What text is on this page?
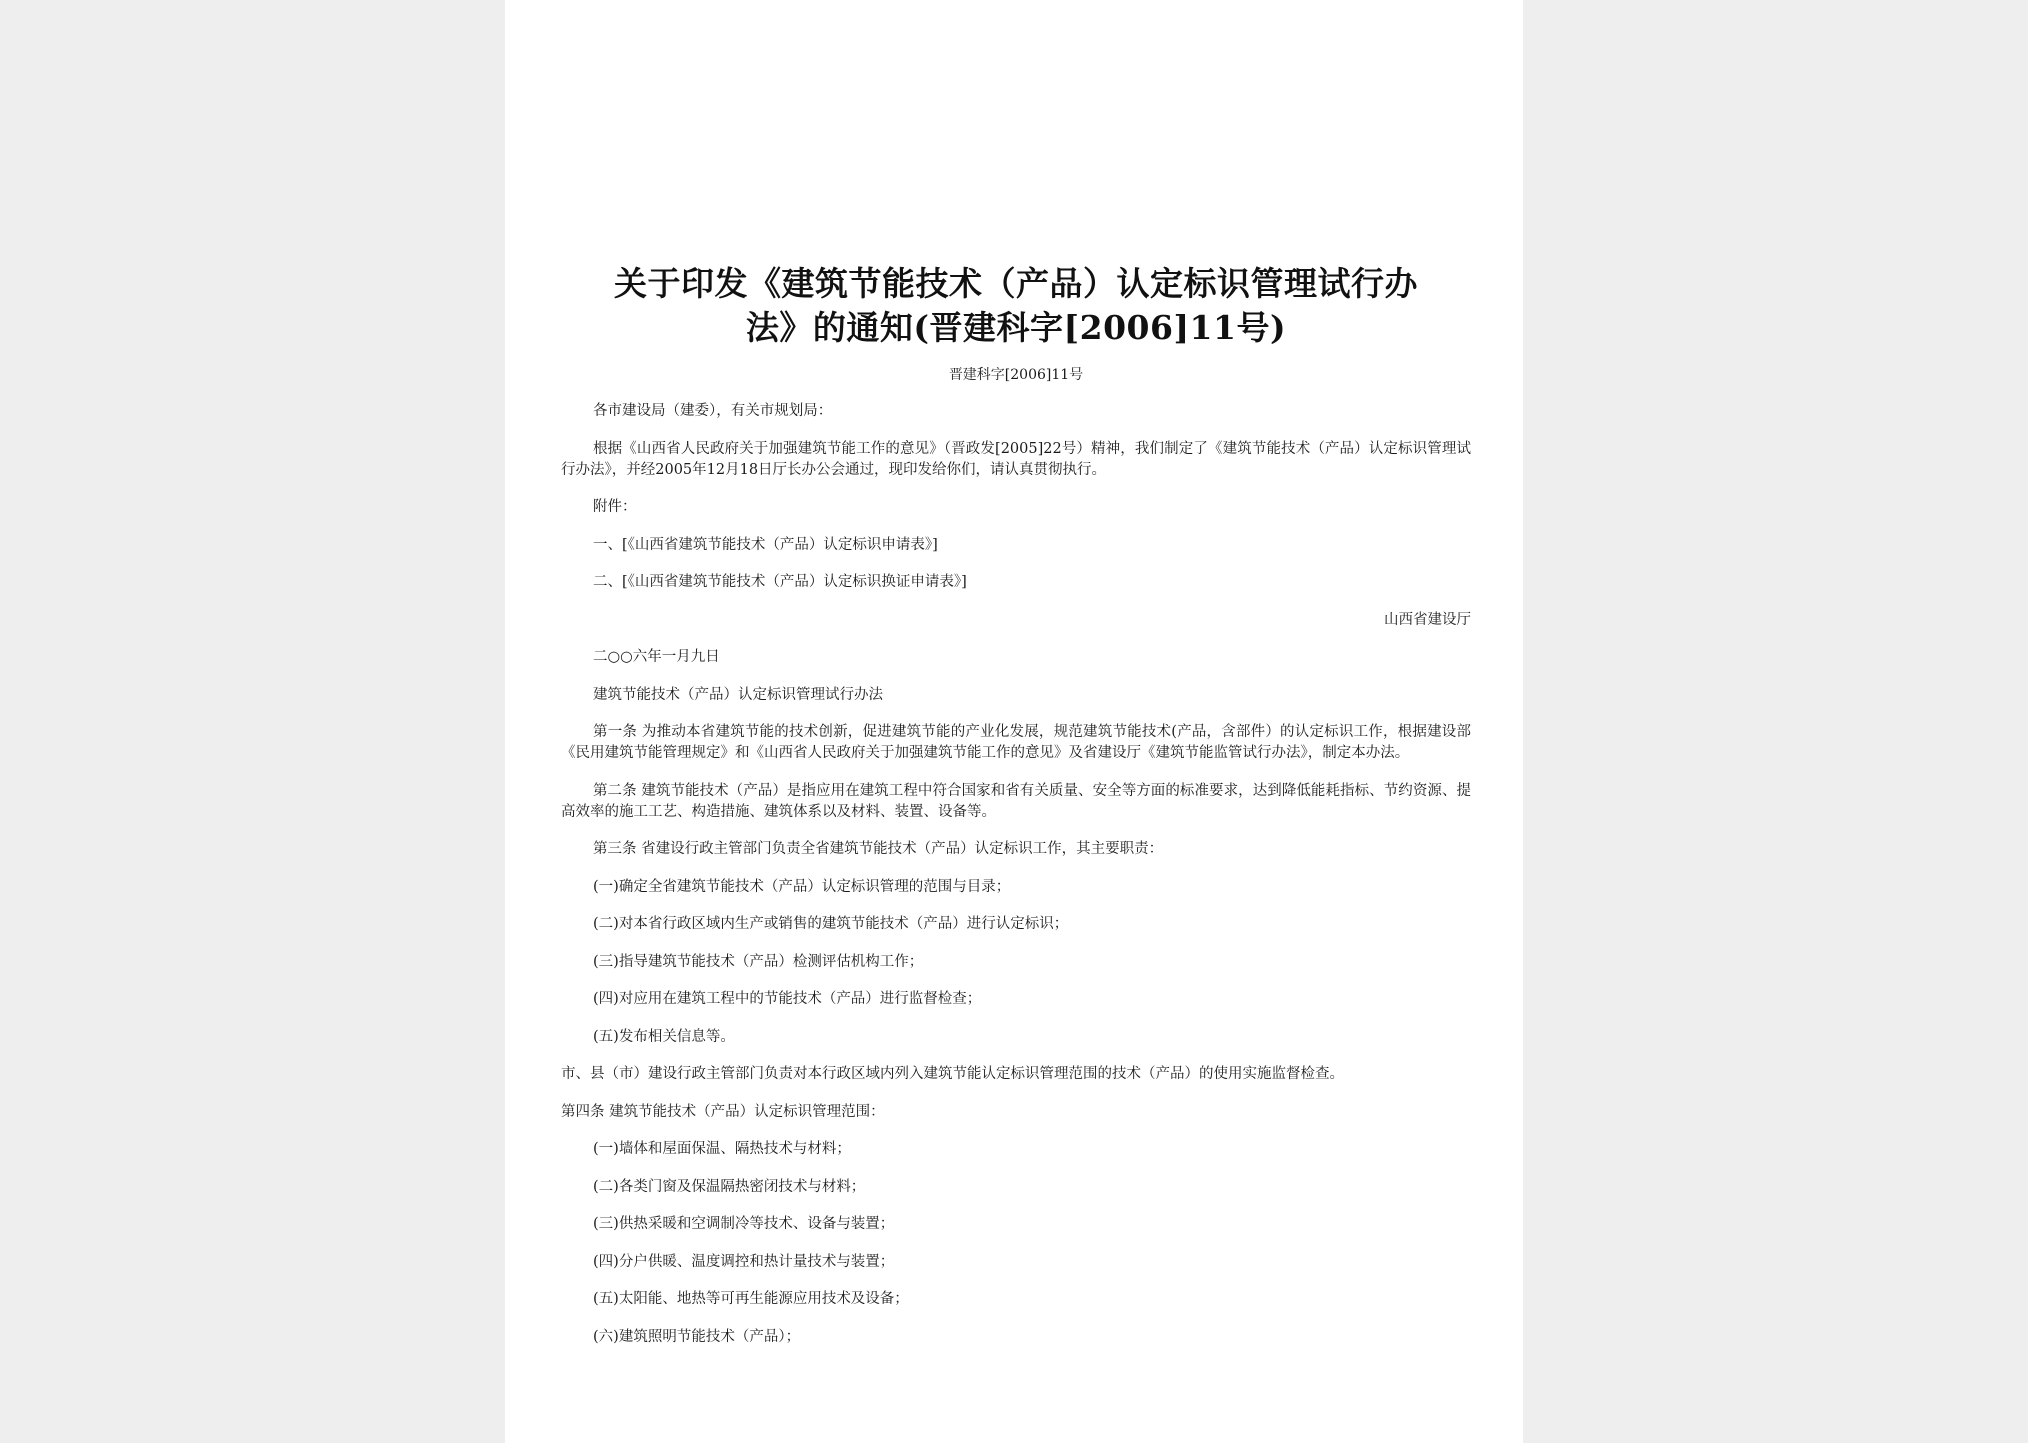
关于印发《建筑节能技术（产品）认定标识管理试行办
法》的通知(晋建科字[2006]11号)
晋建科字[2006]11号

各市建设局（建委），有关市规划局：

根据《山西省人民政府关于加强建筑节能工作的意见》（晋政发[2005]22号）精神，我们制定了《建筑节能技术（产品）认定标识管理试行办法》，并经2005年12月18日厅长办公会通过，现印发给你们，请认真贯彻执行。

附件：

一、[《山西省建筑节能技术（产品）认定标识申请表》]

二、[《山西省建筑节能技术（产品）认定标识换证申请表》]

山西省建设厅

二○○六年一月九日

建筑节能技术（产品）认定标识管理试行办法

第一条 为推动本省建筑节能的技术创新，促进建筑节能的产业化发展，规范建筑节能技术(产品，含部件）的认定标识工作，根据建设部《民用建筑节能管理规定》和《山西省人民政府关于加强建筑节能工作的意见》及省建设厅《建筑节能监管试行办法》，制定本办法。

第二条 建筑节能技术（产品）是指应用在建筑工程中符合国家和省有关质量、安全等方面的标准要求，达到降低能耗指标、节约资源、提高效率的施工工艺、构造措施、建筑体系以及材料、装置、设备等。

第三条 省建设行政主管部门负责全省建筑节能技术（产品）认定标识工作，其主要职责：

(一)确定全省建筑节能技术（产品）认定标识管理的范围与目录；

(二)对本省行政区域内生产或销售的建筑节能技术（产品）进行认定标识；

(三)指导建筑节能技术（产品）检测评估机构工作；

(四)对应用在建筑工程中的节能技术（产品）进行监督检查；

(五)发布相关信息等。

市、县（市）建设行政主管部门负责对本行政区域内列入建筑节能认定标识管理范围的技术（产品）的使用实施监督检查。

第四条 建筑节能技术（产品）认定标识管理范围：

(一)墙体和屋面保温、隔热技术与材料；

(二)各类门窗及保温隔热密闭技术与材料；

(三)供热采暖和空调制冷等技术、设备与装置；

(四)分户供暖、温度调控和热计量技术与装置；

(五)太阳能、地热等可再生能源应用技术及设备；

(六)建筑照明节能技术（产品）；
